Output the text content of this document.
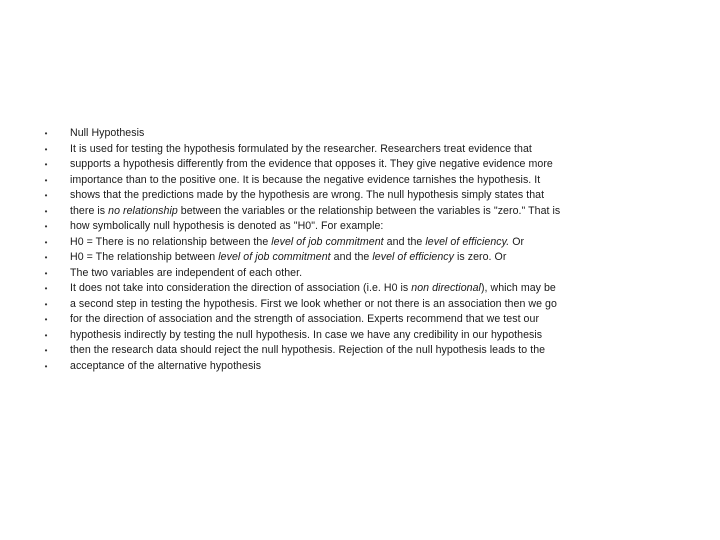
• Null Hypothesis
• It is used for testing the hypothesis formulated by the researcher. Researchers treat evidence that
• supports a hypothesis differently from the evidence that opposes it. They give negative evidence more
• importance than to the positive one. It is because the negative evidence tarnishes the hypothesis. It
• shows that the predictions made by the hypothesis are wrong. The null hypothesis simply states that
• there is no relationship between the variables or the relationship between the variables is "zero." That is
• how symbolically null hypothesis is denoted as "H0". For example:
• H0 = There is no relationship between the level of job commitment and the level of efficiency. Or
• H0 = The relationship between level of job commitment and the level of efficiency is zero. Or
• The two variables are independent of each other.
• It does not take into consideration the direction of association (i.e. H0 is non directional), which may be
• a second step in testing the hypothesis. First we look whether or not there is an association then we go
• for the direction of association and the strength of association. Experts recommend that we test our
• hypothesis indirectly by testing the null hypothesis. In case we have any credibility in our hypothesis
• then the research data should reject the null hypothesis. Rejection of the null hypothesis leads to the
• acceptance of the alternative hypothesis
